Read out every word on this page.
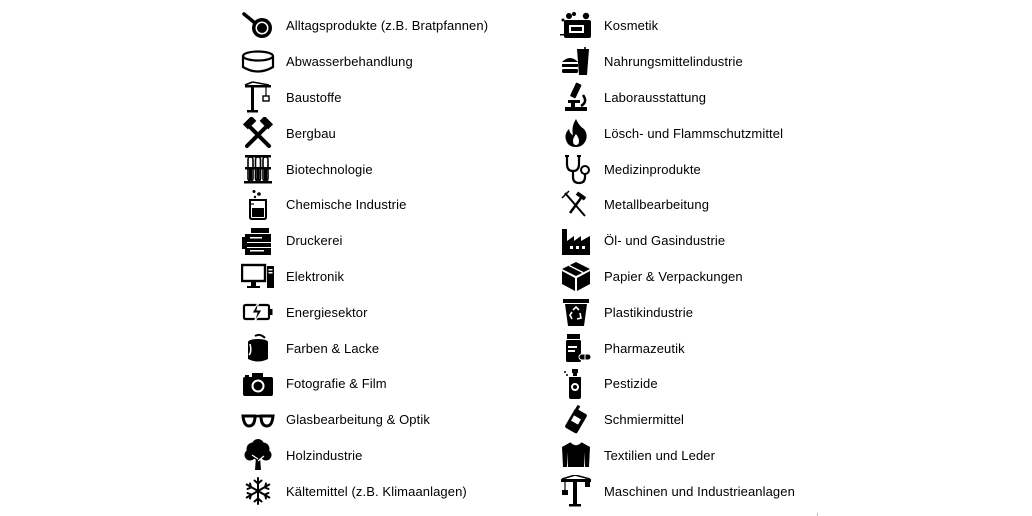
Alltagsprodukte (z.B. Bratpfannen)
Abwasserbehandlung
Baustoffe
Bergbau
Biotechnologie
Chemische Industrie
Druckerei
Elektronik
Energiesektor
Farben & Lacke
Fotografie & Film
Glasbearbeitung & Optik
Holzindustrie
Kältemittel (z.B. Klimaanlagen)
Kosmetik
Nahrungsmittelindustrie
Laborausstattung
Lösch- und Flammschutzmittel
Medizinprodukte
Metallbearbeitung
Öl- und Gasindustrie
Papier & Verpackungen
Plastikindustrie
Pharmazeutik
Pestizide
Schmiermittel
Textilien und Leder
Maschinen und Industrieanlagen
